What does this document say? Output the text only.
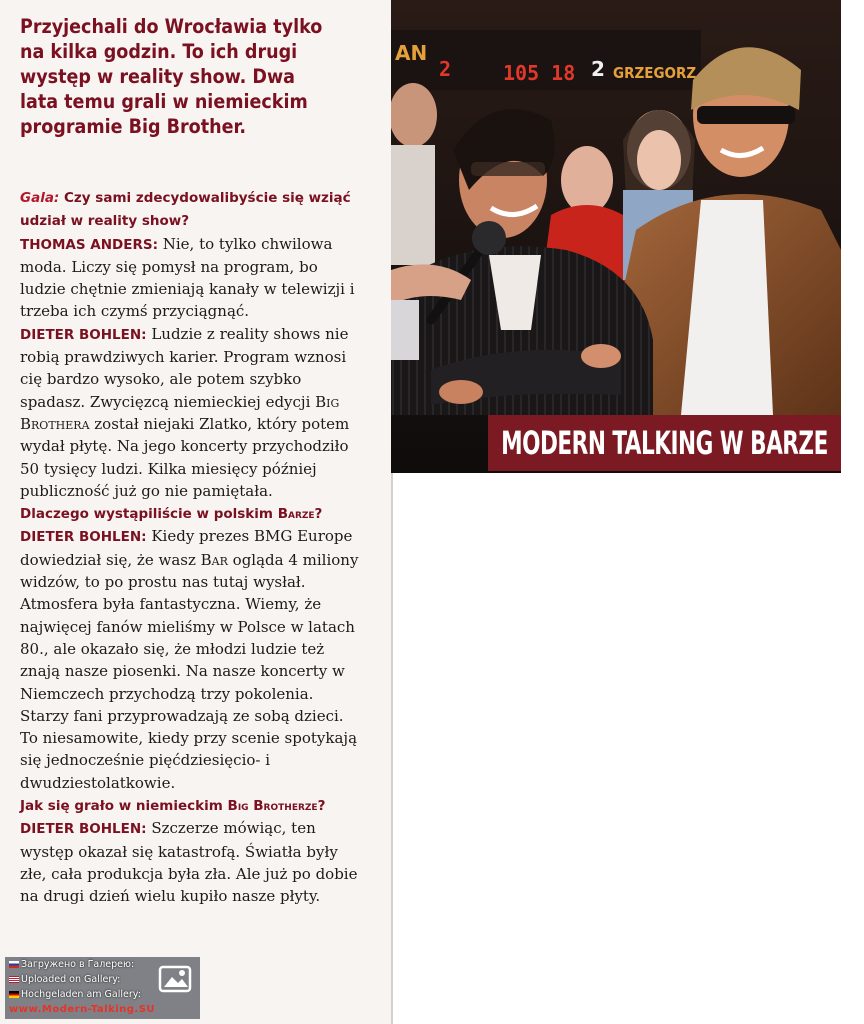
Przyjechali do Wrocławia tylko
na kilka godzin. To ich drugi
występ w reality show. Dwa
lata temu grali w niemieckim
programie Big Brother.

Gala: Czy sami zdecydowalibyście się wziąć udział w reality show?

THOMAS ANDERS: Nie, to tylko chwilowa moda. Liczy się pomysł na program, bo ludzie chętnie zmieniają kanały w telewizji i trzeba ich czymś przyciągnąć.

DIETER BOHLEN: Ludzie z reality shows nie robią prawdziwych karier. Program wznosi cię bardzo wysoko, ale potem szybko spadasz. Zwycięzcą niemieckiej edycji Big Brothera został niejaki Zlatko, który potem wydał płytę. Na jego koncerty przychodziło 50 tysięcy ludzi. Kilka miesięcy później publiczność już go nie pamiętała.

Dlaczego wystąpiliście w polskim Barze?

DIETER BOHLEN: Kiedy prezes BMG Europe dowiedział się, że wasz Bar ogląda 4 miliony widzów, to po prostu nas tutaj wysłał. Atmosfera była fantastyczna. Wiemy, że najwięcej fanów mieliśmy w Polsce w latach 80., ale okazało się, że młodzi ludzie też znają nasze piosenki. Na nasze koncerty w Niemczech przychodzą trzy pokolenia. Starzy fani przyprowadzają ze sobą dzieci. To niesamowite, kiedy przy scenie spotykają się jednocześnie pięćdziesięcio- i dwudziestolatkowie.

Jak się grało w niemieckim Big Brotherze?

DIETER BOHLEN: Szczerze mówiąc, ten występ okazał się katastrofą. Światła były złe, cała produkcja była zła. Ale już po dobie na drugi dzień wielu kupiło nasze płyty.

AN
2	105 18 2 GRZEGORZ
MODERN TALKING W BARZE
Загружено в Галерею:
Uploaded on Gallery:
Hochgeladen am Gallery:
www.Modern-Talking.SU
